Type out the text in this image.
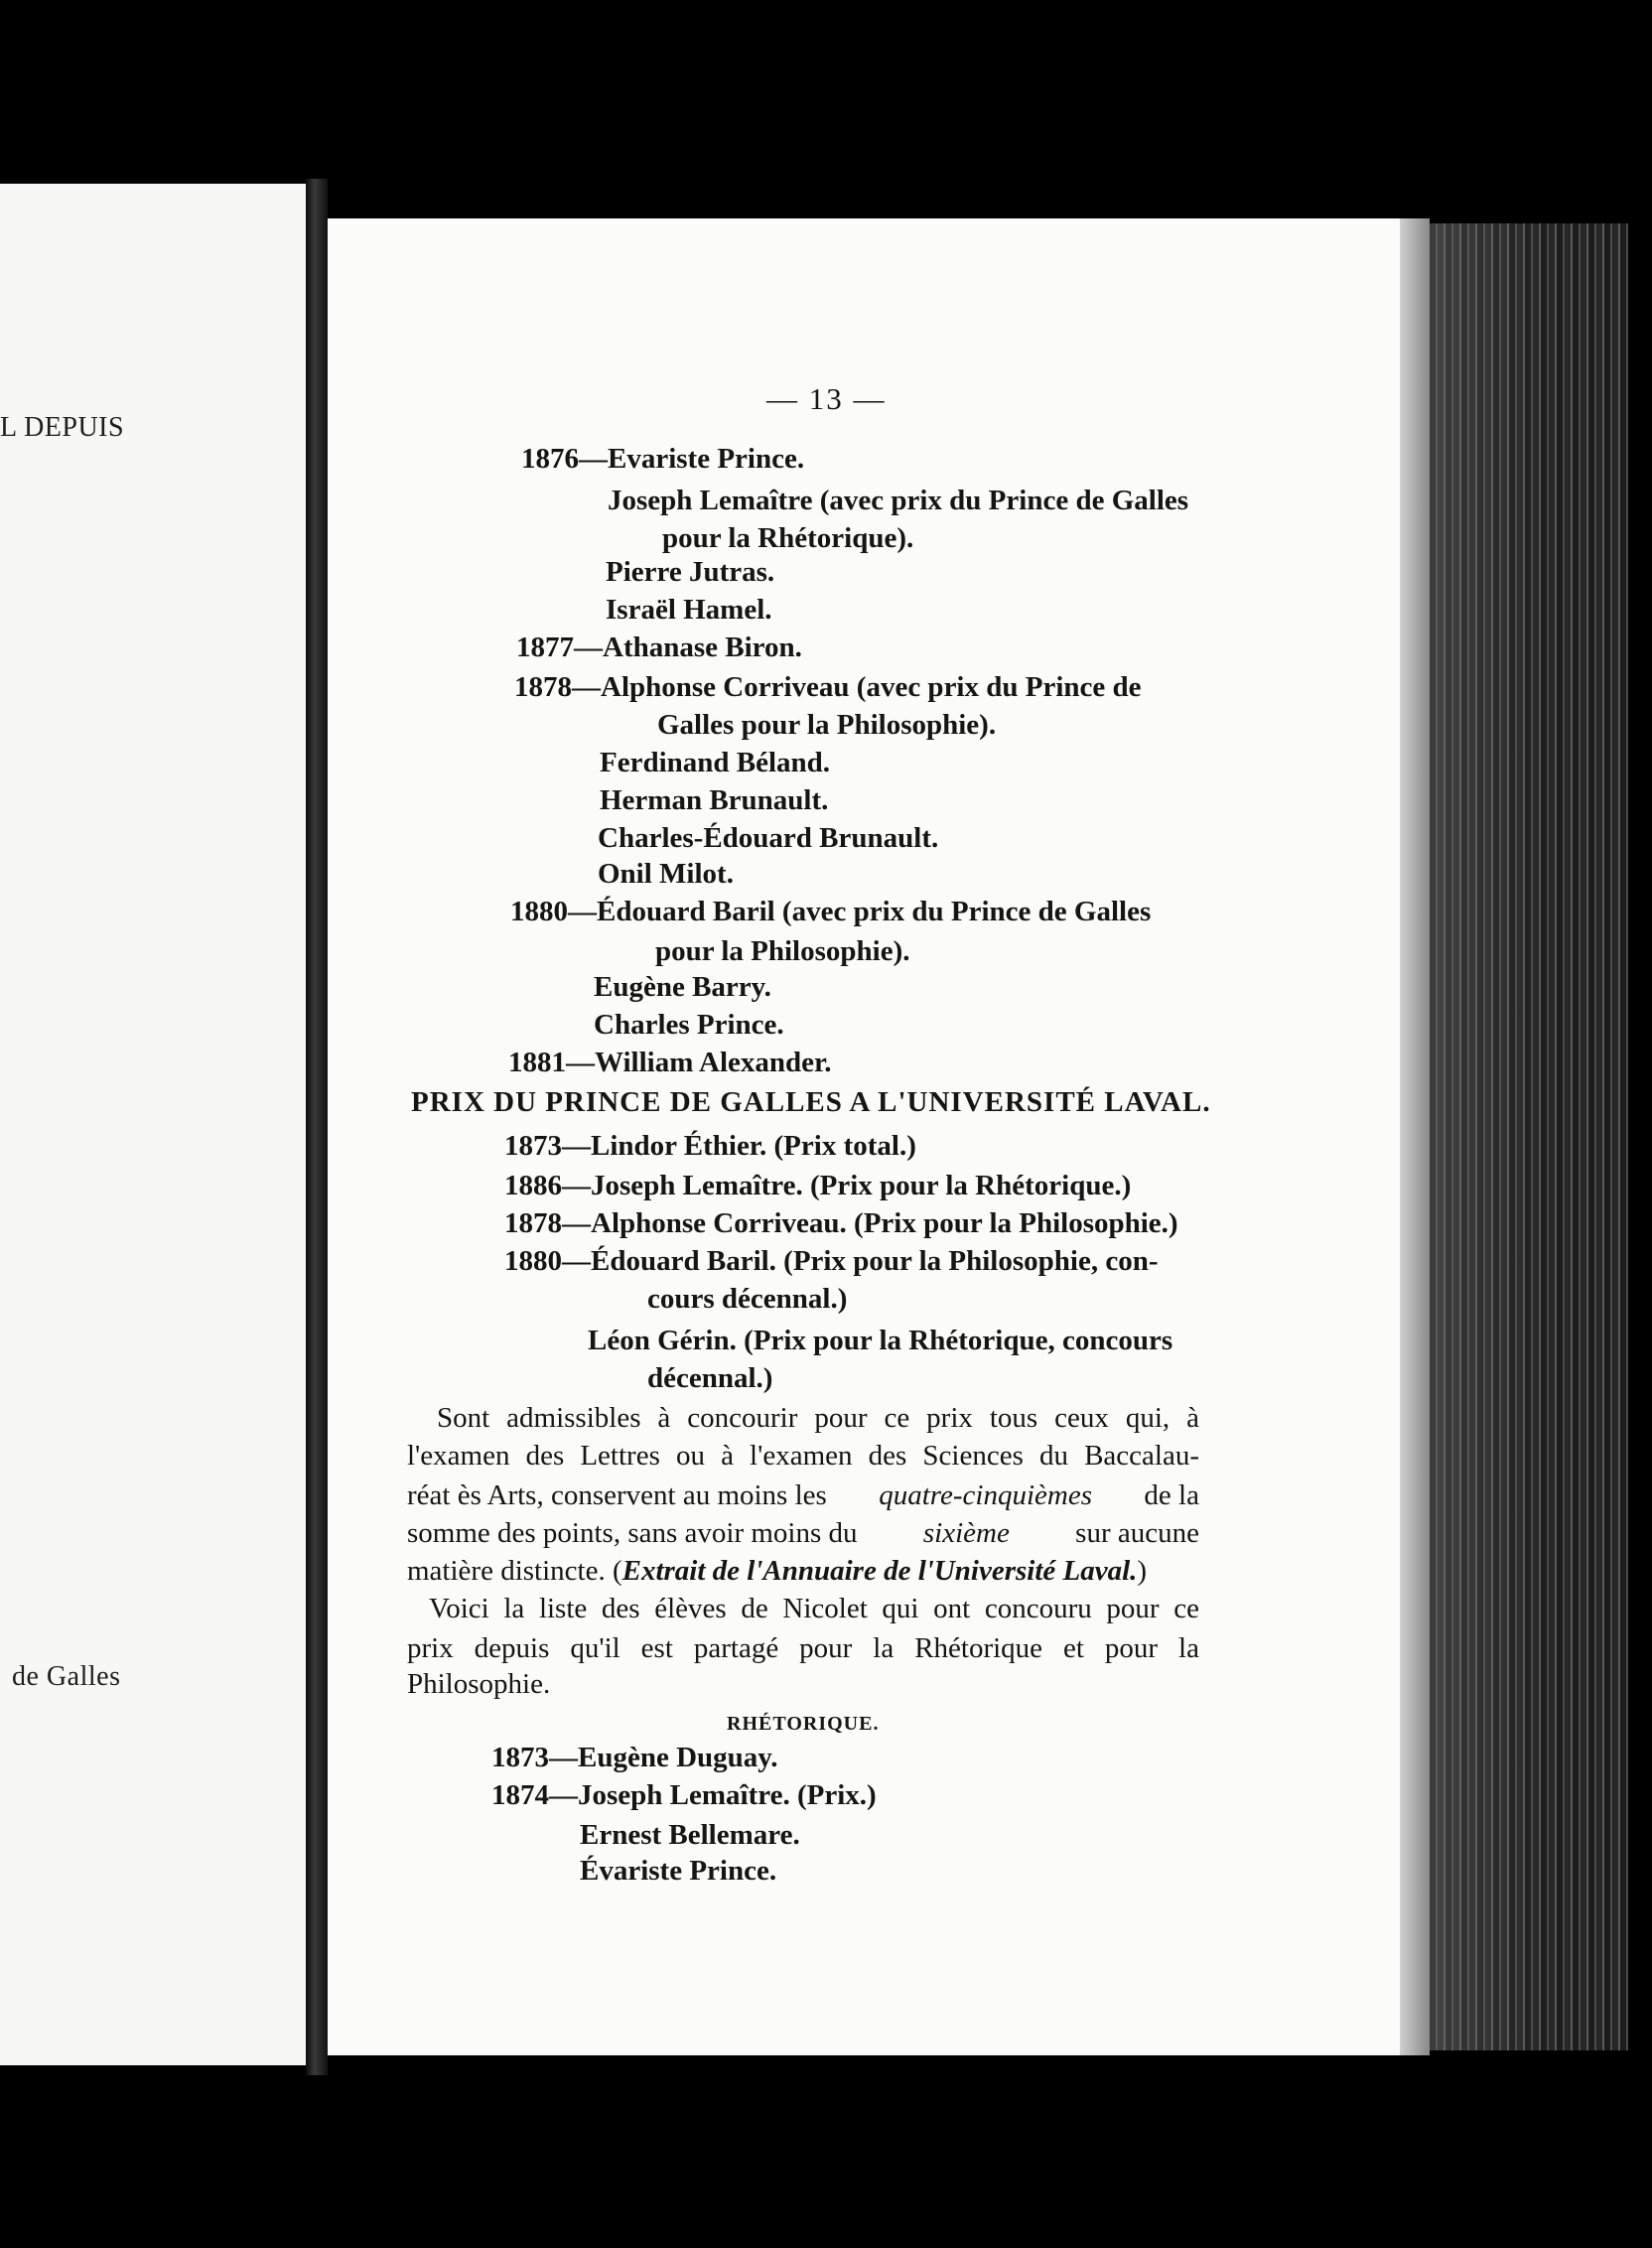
L DEPUIS
de Galles
— 13 —
1876—Evariste Prince.
Joseph Lemaître (avec prix du Prince de Galles
pour la Rhétorique).
Pierre Jutras.
Israël Hamel.
1877—Athanase Biron.
1878—Alphonse Corriveau (avec prix du Prince de
Galles pour la Philosophie).
Ferdinand Béland.
Herman Brunault.
Charles-Édouard Brunault.
Onil Milot.
1880—Édouard Baril (avec prix du Prince de Galles
pour la Philosophie).
Eugène Barry.
Charles Prince.
1881—William Alexander.
PRIX DU PRINCE DE GALLES A L'UNIVERSITÉ LAVAL.
1873—Lindor Éthier. (Prix total.)
1886—Joseph Lemaître. (Prix pour la Rhétorique.)
1878—Alphonse Corriveau. (Prix pour la Philosophie.)
1880—Édouard Baril. (Prix pour la Philosophie, con-
cours décennal.)
Léon Gérin. (Prix pour la Rhétorique, concours
décennal.)
Sont admissibles à concourir pour ce prix tous ceux qui, à
l'examen des Lettres ou à l'examen des Sciences du Baccalau-
réat ès Arts, conservent au moins les quatre-cinquièmes de la
somme des points, sans avoir moins du sixième sur aucune
matière distincte. (Extrait de l'Annuaire de l'Université Laval.)
Voici la liste des élèves de Nicolet qui ont concouru pour ce
prix depuis qu'il est partagé pour la Rhétorique et pour la
Philosophie.
RHÉTORIQUE.
1873—Eugène Duguay.
1874—Joseph Lemaître. (Prix.)
Ernest Bellemare.
Évariste Prince.
